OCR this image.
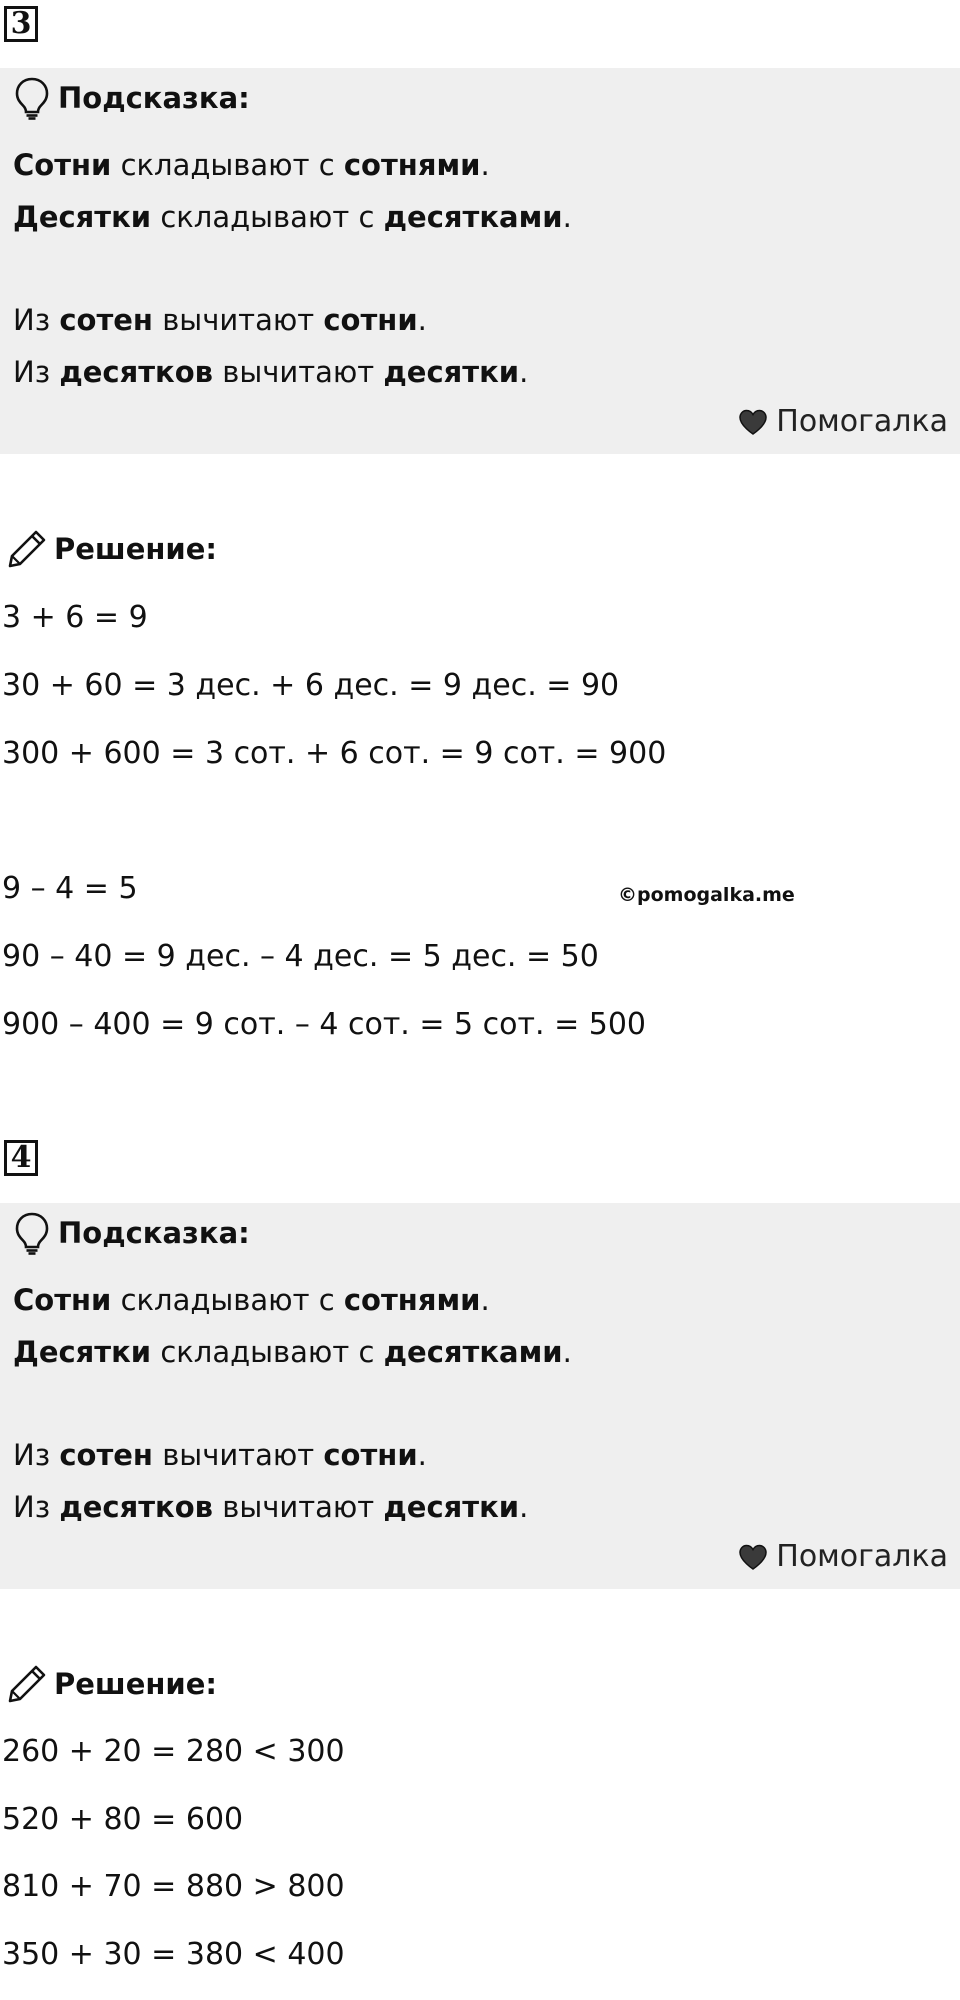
3
Подсказка:
Сотни складывают с сотнями.
Десятки складывают с десятками.
Из сотен вычитают сотни.
Из десятков вычитают десятки.
Помогалка
Решение:
3 + 6 = 9
30 + 60 = 3 дес. + 6 дес. = 9 дес. = 90
300 + 600 = 3 сот. + 6 сот. = 9 сот. = 900
9 – 4 = 5
90 – 40 = 9 дес. – 4 дес. = 5 дес. = 50
900 – 400 = 9 сот. – 4 сот. = 5 сот. = 500
©pomogalka.me
4
Подсказка:
Сотни складывают с сотнями.
Десятки складывают с десятками.
Из сотен вычитают сотни.
Из десятков вычитают десятки.
Помогалка
Решение:
260 + 20 = 280 < 300
520 + 80 = 600
810 + 70 = 880 > 800
350 + 30 = 380 < 400
